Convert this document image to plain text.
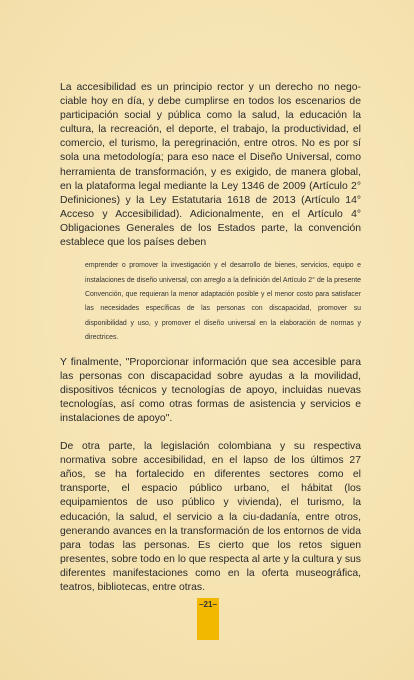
La accesibilidad es un principio rector y un derecho no nego-ciable hoy en día, y debe cumplirse en todos los escenarios de participación social y pública como la salud, la educación la cultura, la recreación, el deporte, el trabajo, la productividad, el comercio, el turismo, la peregrinación, entre otros. No es por sí sola una metodología; para eso nace el Diseño Universal, como herramienta de transformación, y es exigido, de manera global, en la plataforma legal mediante la Ley 1346 de 2009 (Artículo 2° Definiciones) y la Ley Estatutaria 1618 de 2013 (Artículo 14° Acceso y Accesibilidad). Adicionalmente, en el Artículo 4° Obligaciones Generales de los Estados parte, la convención establece que los países deben

emprender o promover la investigación y el desarrollo de bienes, servicios, equipo e instalaciones de diseño universal, con arreglo a la definición del Artículo 2° de la presente Convención, que requieran la menor adaptación posible y el menor costo para satisfacer las necesidades específicas de las personas con discapacidad, promover su disponibilidad y uso, y promover el diseño universal en la elaboración de normas y directrices.

Y finalmente, "Proporcionar información que sea accesible para las personas con discapacidad sobre ayudas a la movilidad, dispositivos técnicos y tecnologías de apoyo, incluidas nuevas tecnologías, así como otras formas de asistencia y servicios e instalaciones de apoyo".

De otra parte, la legislación colombiana y su respectiva normativa sobre accesibilidad, en el lapso de los últimos 27 años, se ha fortalecido en diferentes sectores como el transporte, el espacio público urbano, el hábitat (los equipamientos de uso público y vivienda), el turismo, la educación, la salud, el servicio a la ciu-dadanía, entre otros, generando avances en la transformación de los entornos de vida para todas las personas. Es cierto que los retos siguen presentes, sobre todo en lo que respecta al arte y la cultura y sus diferentes manifestaciones como en la oferta museográfica, teatros, bibliotecas, entre otras.

–21–
